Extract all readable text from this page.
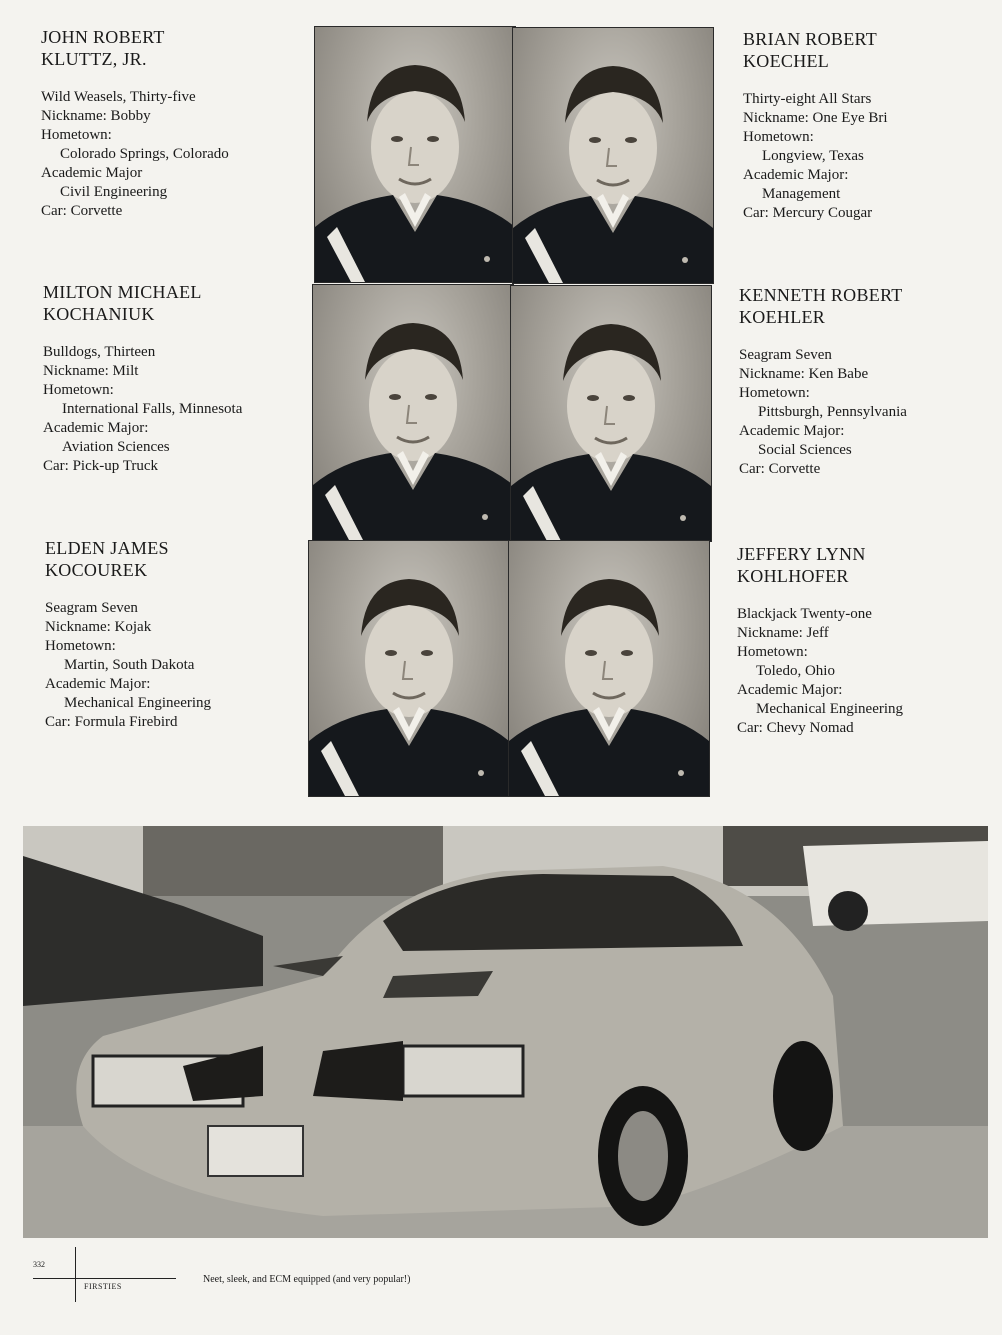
JOHN ROBERT
KLUTTZ, JR.
Wild Weasels, Thirty-five
Nickname: Bobby
Hometown:
Colorado Springs, Colorado
Academic Major
Civil Engineering
Car: Corvette
BRIAN ROBERT
KOECHEL
Thirty-eight All Stars
Nickname: One Eye Bri
Hometown:
Longview, Texas
Academic Major:
Management
Car: Mercury Cougar
MILTON MICHAEL
KOCHANIUK
Bulldogs, Thirteen
Nickname: Milt
Hometown:
International Falls, Minnesota
Academic Major:
Aviation Sciences
Car: Pick-up Truck
KENNETH ROBERT
KOEHLER
Seagram Seven
Nickname: Ken Babe
Hometown:
Pittsburgh, Pennsylvania
Academic Major:
Social Sciences
Car: Corvette
ELDEN JAMES
KOCOUREK
Seagram Seven
Nickname: Kojak
Hometown:
Martin, South Dakota
Academic Major:
Mechanical Engineering
Car: Formula Firebird
JEFFERY LYNN
KOHLHOFER
Blackjack Twenty-one
Nickname: Jeff
Hometown:
Toledo, Ohio
Academic Major:
Mechanical Engineering
Car: Chevy Nomad
332
FIRSTIES
Neet, sleek, and ECM equipped (and very popular!)
